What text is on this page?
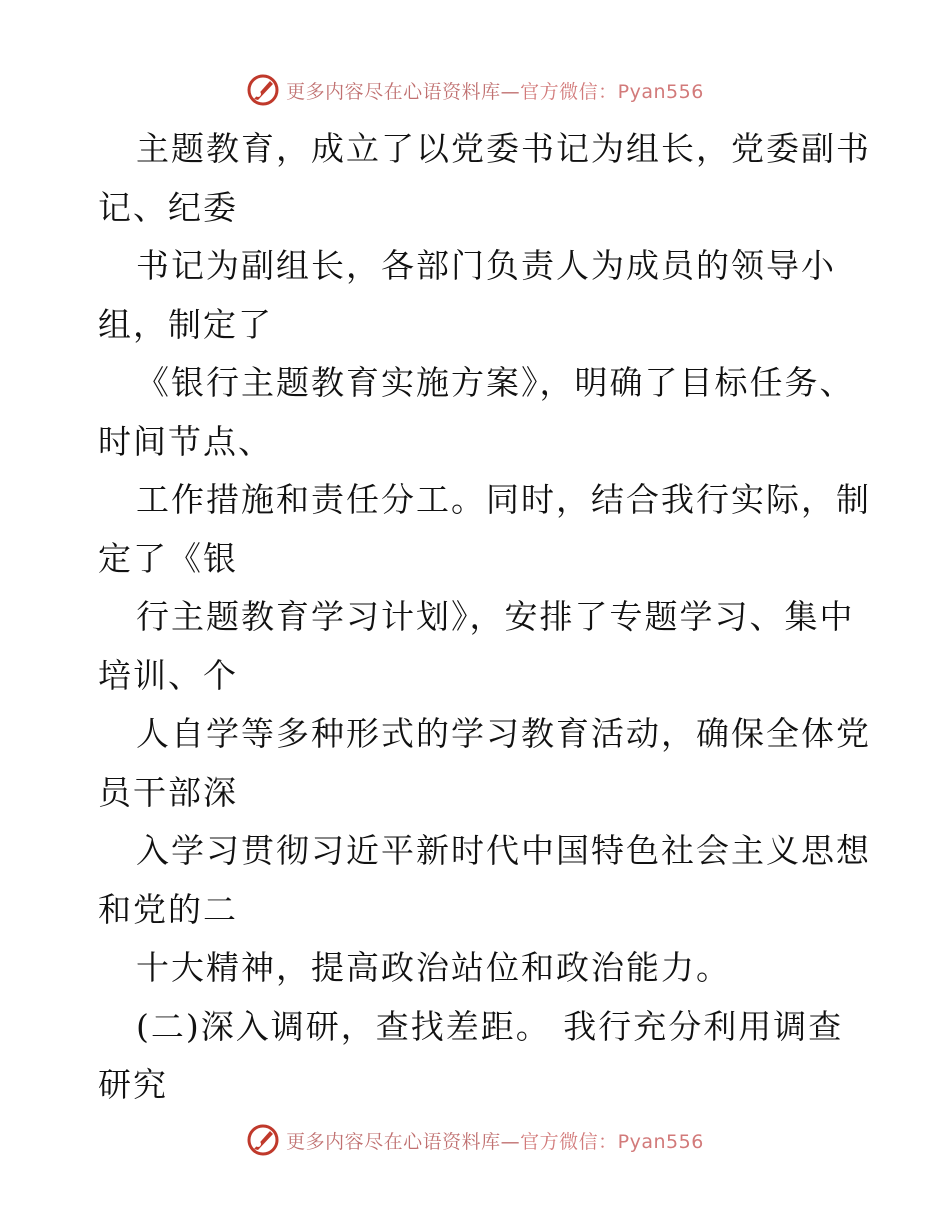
更多内容尽在心语资料库— 官方微信：Pyan556
主题教育，成立了以党委书记为组长，党委副书
记、纪委
书记为副组长，各部门负责人为成员的领导小
组，制定了
《银行主题教育实施方案》，明确了目标任务、
时间节点、
工作措施和责任分工。同时，结合我行实际，制
定了《银
行主题教育学习计划》，安排了专题学习、集中
培训、个
人自学等多种形式的学习教育活动，确保全体党
员干部深
入学习贯彻习近平新时代中国特色社会主义思想
和党的二
十大精神，提高政治站位和政治能力。
(二)深入调研，查找差距。 我行充分利用调查
研究
更多内容尽在心语资料库— 官方微信：Pyan556
